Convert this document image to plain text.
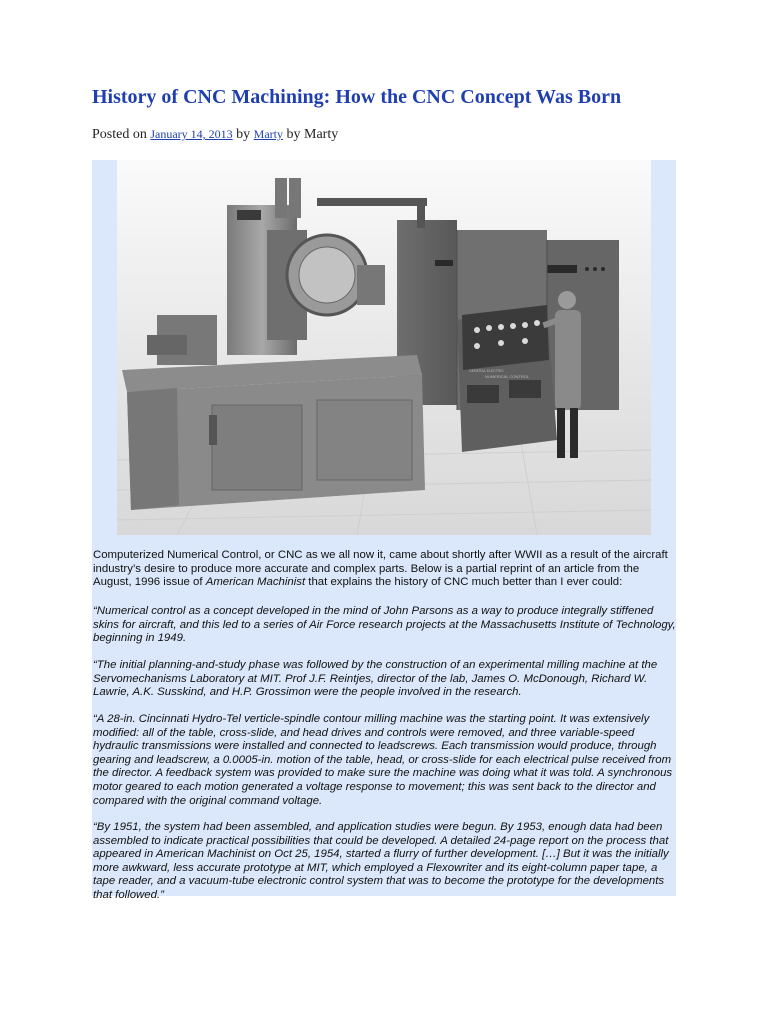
History of CNC Machining: How the CNC Concept Was Born
Posted on January 14, 2013 by Marty by Marty
NUMERICAL CONTROL
GENERAL ELECTRIC

Computerized Numerical Control, or CNC as we all now it, came about shortly after WWII as a result of the aircraft industry’s desire to produce more accurate and complex parts. Below is a partial reprint of an article from the August, 1996 issue of American Machinist that explains the history of CNC much better than I ever could:

“Numerical control as a concept developed in the mind of John Parsons as a way to produce integrally stiffened skins for aircraft, and this led to a series of Air Force research projects at the Massachusetts Institute of Technology, beginning in 1949.

“The initial planning-and-study phase was followed by the construction of an experimental milling machine at the Servomechanisms Laboratory at MIT. Prof J.F. Reintjes, director of the lab, James O. McDonough, Richard W. Lawrie, A.K. Susskind, and H.P. Grossimon were the people involved in the research.

“A 28-in. Cincinnati Hydro-Tel verticle-spindle contour milling machine was the starting point. It was extensively modified: all of the table, cross-slide, and head drives and controls were removed, and three variable-speed hydraulic transmissions were installed and connected to leadscrews. Each transmission would produce, through gearing and leadscrew, a 0.0005-in. motion of the table, head, or cross-slide for each electrical pulse received from the director. A feedback system was provided to make sure the machine was doing what it was told. A synchronous motor geared to each motion generated a voltage response to movement; this was sent back to the director and compared with the original command voltage.

“By 1951, the system had been assembled, and application studies were begun. By 1953, enough data had been assembled to indicate practical possibilities that could be developed. A detailed 24-page report on the process that appeared in American Machinist on Oct 25, 1954, started a flurry of further development. […] But it was the initially more awkward, less accurate prototype at MIT, which employed a Flexowriter and its eight-column paper tape, a tape reader, and a vacuum-tube electronic control system that was to become the prototype for the developments that followed.”
